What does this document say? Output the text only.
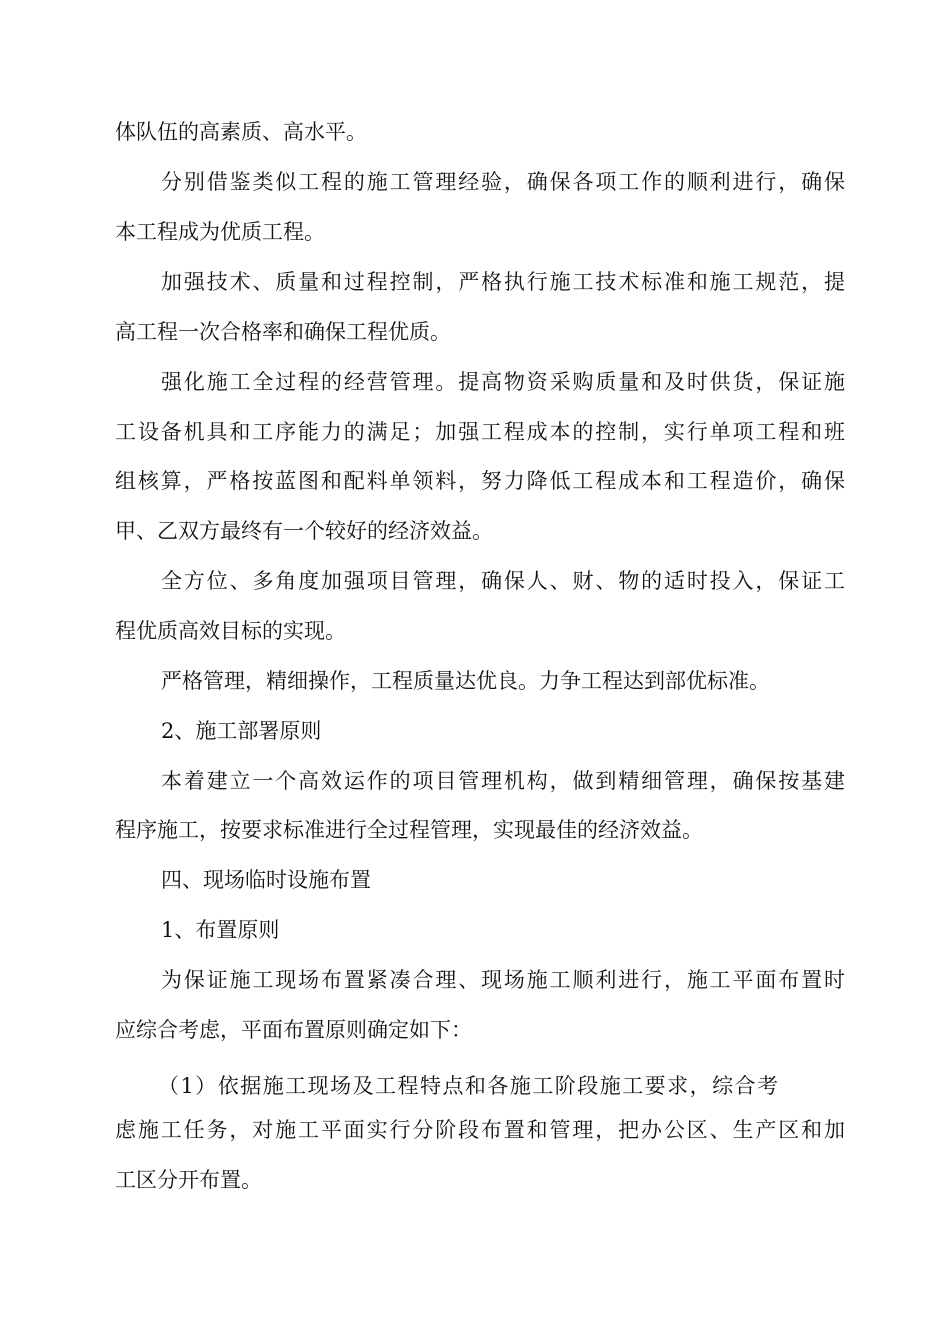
体队伍的高素质、高水平。
分别借鉴类似工程的施工管理经验，确保各项工作的顺利进行，确保
本工程成为优质工程。
加强技术、质量和过程控制，严格执行施工技术标准和施工规范，提
高工程一次合格率和确保工程优质。
强化施工全过程的经营管理。提高物资采购质量和及时供货，保证施
工设备机具和工序能力的满足；加强工程成本的控制，实行单项工程和班
组核算，严格按蓝图和配料单领料，努力降低工程成本和工程造价，确保
甲、乙双方最终有一个较好的经济效益。
全方位、多角度加强项目管理，确保人、财、物的适时投入，保证工
程优质高效目标的实现。
严格管理，精细操作，工程质量达优良。力争工程达到部优标准。
2、施工部署原则
本着建立一个高效运作的项目管理机构，做到精细管理，确保按基建
程序施工，按要求标准进行全过程管理，实现最佳的经济效益。
四、现场临时设施布置
1、布置原则
为保证施工现场布置紧凑合理、现场施工顺利进行，施工平面布置时
应综合考虑，平面布置原则确定如下：
（1）依据施工现场及工程特点和各施工阶段施工要求，综合考
虑施工任务，对施工平面实行分阶段布置和管理，把办公区、生产区和加
工区分开布置。
